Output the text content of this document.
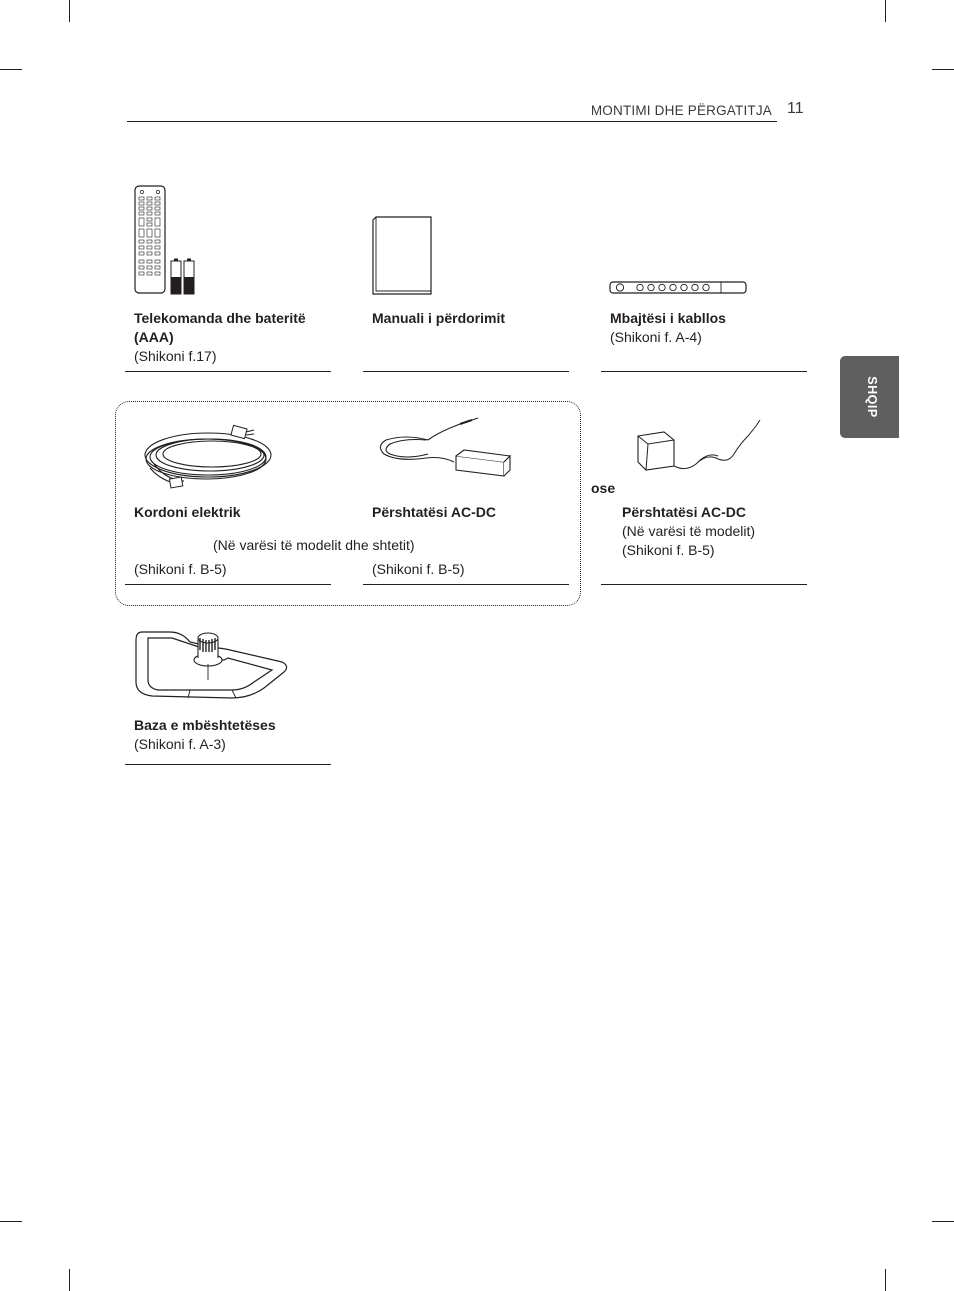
MONTIMI DHE PËRGATITJA 11
SHQIP
Telekomanda dhe bateritë
(AAA)
(Shikoni f.17)
Manuali i përdorimit	Mbajtësi i kabllos
(Shikoni f. A-4)
Kordoni elektrik
(Shikoni f. B-5)
Përshtatësi AC-DC
(Shikoni f. B-5)
(Në varësi të modelit dhe shtetit)
ose
Përshtatësi AC-DC
(Në varësi të modelit)
(Shikoni f. B-5)
Baza e mbështetëses
(Shikoni f. A-3)
